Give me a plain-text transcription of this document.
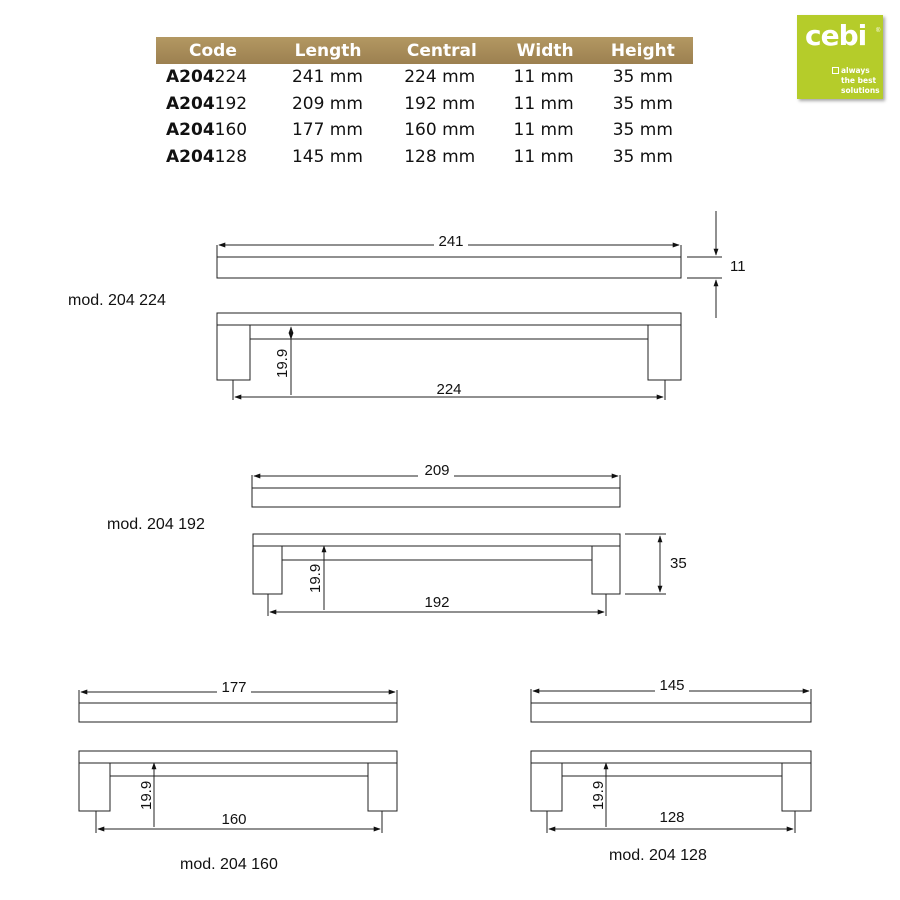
Code	Length	Central	Width	Height
A204224	241 mm	224 mm	11 mm	35 mm
A204192	209 mm	192 mm	11 mm	35 mm
A204160	177 mm	160 mm	11 mm	35 mm
A204128	145 mm	128 mm	11 mm	35 mm
cebi ®
always
the best
solutions
241
11
224
19.9
mod. 204 224
209
35
192
19.9
mod. 204 192
177
160
19.9
mod. 204 160
145
128
19.9
mod. 204 128
